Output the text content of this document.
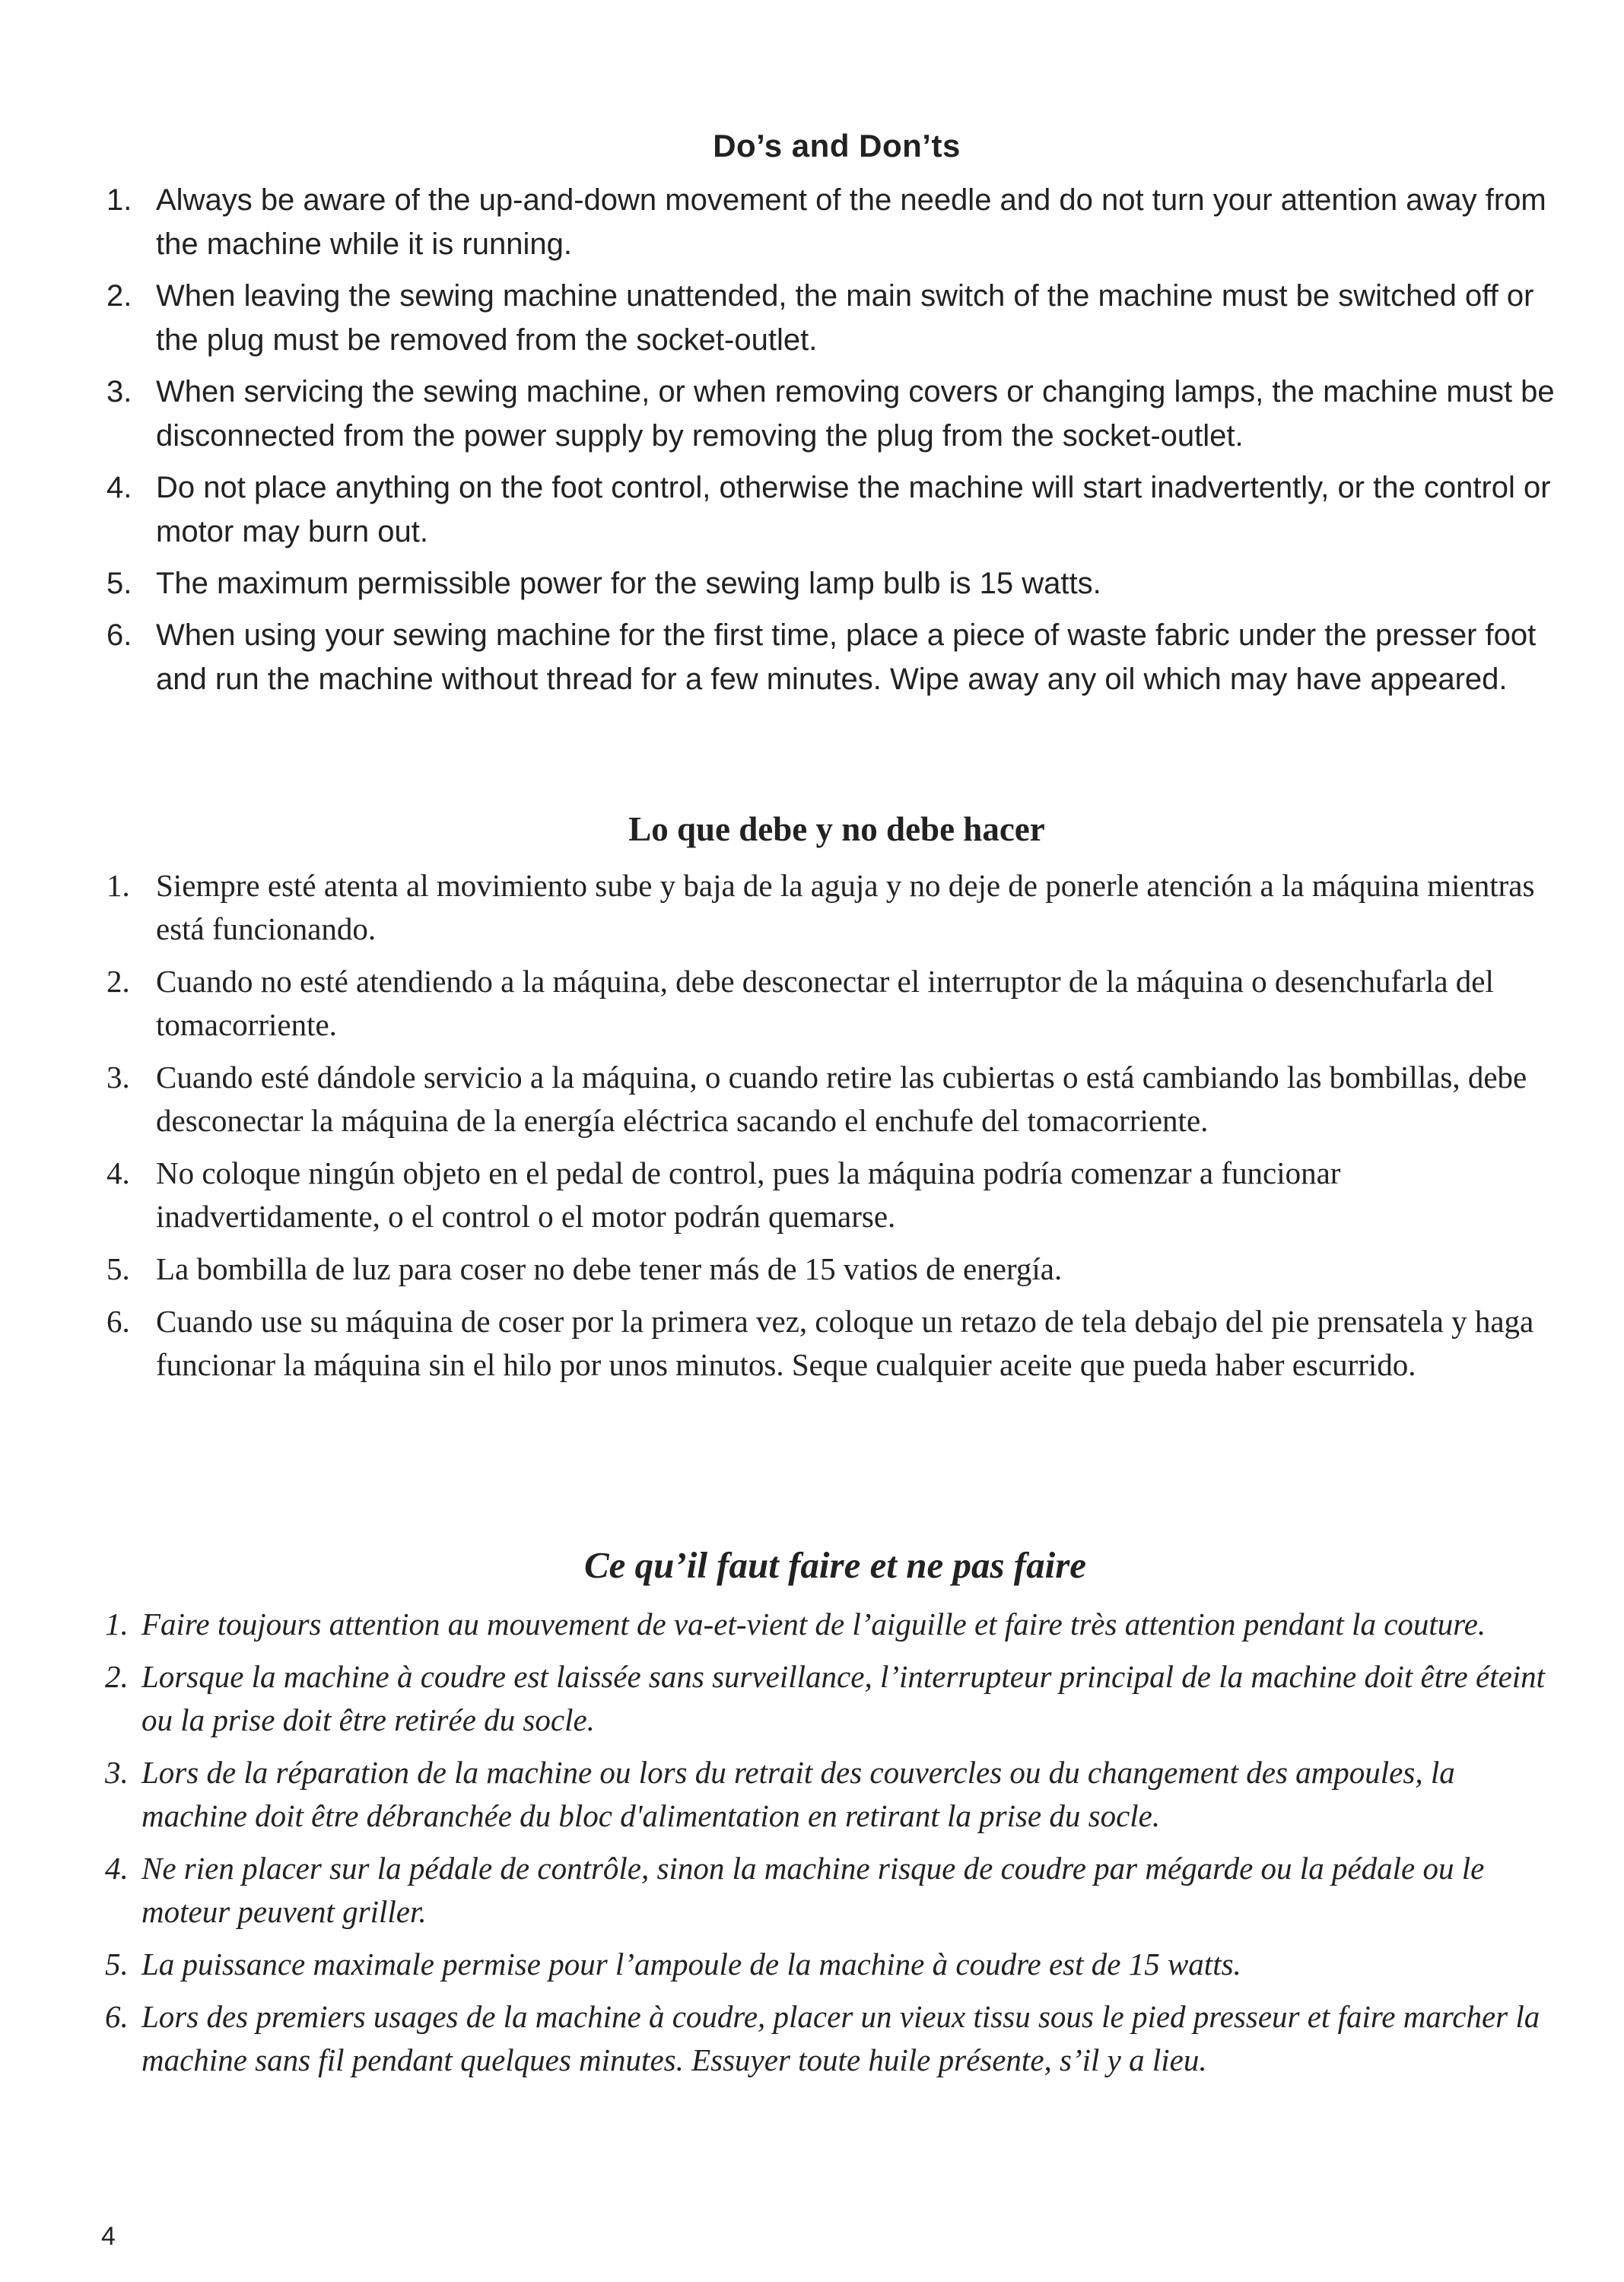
Do’s and Don’ts
1. Always be aware of the up-and-down movement of the needle and do not turn your attention away from the machine while it is running.
2. When leaving the sewing machine unattended, the main switch of the machine must be switched off or the plug must be removed from the socket-outlet.
3. When servicing the sewing machine, or when removing covers or changing lamps, the machine must be disconnected from the power supply by removing the plug from the socket-outlet.
4. Do not place anything on the foot control, otherwise the machine will start inadvertently, or the control or motor may burn out.
5. The maximum permissible power for the sewing lamp bulb is 15 watts.
6. When using your sewing machine for the first time, place a piece of waste fabric under the presser foot and run the machine without thread for a few minutes. Wipe away any oil which may have appeared.
Lo que debe y no debe hacer
1. Siempre esté atenta al movimiento sube y baja de la aguja y no deje de ponerle atención a la máquina mientras está funcionando.
2. Cuando no esté atendiendo a la máquina, debe desconectar el interruptor de la máquina o desenchufarla del tomacorriente.
3. Cuando esté dándole servicio a la máquina, o cuando retire las cubiertas o está cambiando las bombillas, debe desconectar la máquina de la energía eléctrica sacando el enchufe del tomacorriente.
4. No coloque ningún objeto en el pedal de control, pues la máquina podría comenzar a funcionar inadvertidamente, o el control o el motor podrán quemarse.
5. La bombilla de luz para coser no debe tener más de 15 vatios de energía.
6. Cuando use su máquina de coser por la primera vez, coloque un retazo de tela debajo del pie prensatela y haga funcionar la máquina sin el hilo por unos minutos. Seque cualquier aceite que pueda haber escurrido.
Ce qu’il faut faire et ne pas faire
1. Faire toujours attention au mouvement de va-et-vient de l’aiguille et faire très attention pendant la couture.
2. Lorsque la machine à coudre est laissée sans surveillance, l’interrupteur principal de la machine doit être éteint ou la prise doit être retirée du socle.
3. Lors de la réparation de la machine ou lors du retrait des couvercles ou du changement des ampoules, la machine doit être débranchée du bloc d'alimentation en retirant la prise du socle.
4. Ne rien placer sur la pédale de contrôle, sinon la machine risque de coudre par mégarde ou la pédale ou le moteur peuvent griller.
5. La puissance maximale permise pour l’ampoule de la machine à coudre est de 15 watts.
6. Lors des premiers usages de la machine à coudre, placer un vieux tissu sous le pied presseur et faire marcher la machine sans fil pendant quelques minutes. Essuyer toute huile présente, s’il y a lieu.
4
